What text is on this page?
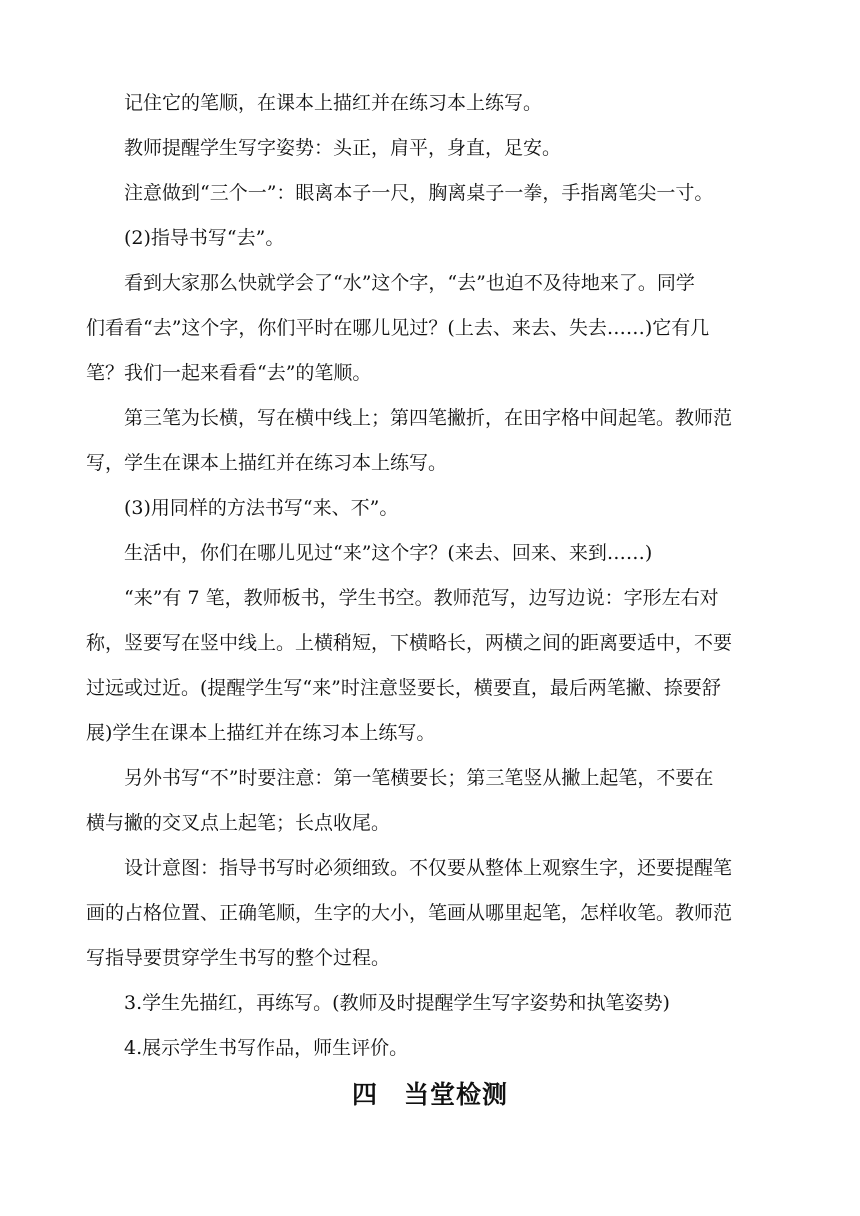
　　记住它的笔顺，在课本上描红并在练习本上练写。
　　教师提醒学生写字姿势：头正，肩平，身直，足安。
　　注意做到“三个一”：眼离本子一尺，胸离桌子一拳，手指离笔尖一寸。
　　(2)指导书写“去”。
　　看到大家那么快就学会了“水”这个字，“去”也迫不及待地来了。同学
们看看“去”这个字，你们平时在哪儿见过？(上去、来去、失去……)它有几
笔？我们一起来看看“去”的笔顺。
　　第三笔为长横，写在横中线上；第四笔撇折，在田字格中间起笔。教师范
写，学生在课本上描红并在练习本上练写。
　　(3)用同样的方法书写“来、不”。
　　生活中，你们在哪儿见过“来”这个字？(来去、回来、来到……)
　　“来”有 7 笔，教师板书，学生书空。教师范写，边写边说：字形左右对
称，竖要写在竖中线上。上横稍短，下横略长，两横之间的距离要适中，不要
过远或过近。(提醒学生写“来”时注意竖要长，横要直，最后两笔撇、捺要舒
展)学生在课本上描红并在练习本上练写。
　　另外书写“不”时要注意：第一笔横要长；第三笔竖从撇上起笔，不要在
横与撇的交叉点上起笔；长点收尾。
　　设计意图：指导书写时必须细致。不仅要从整体上观察生字，还要提醒笔
画的占格位置、正确笔顺，生字的大小，笔画从哪里起笔，怎样收笔。教师范
写指导要贯穿学生书写的整个过程。
　　3.学生先描红，再练写。(教师及时提醒学生写字姿势和执笔姿势)
　　4.展示学生书写作品，师生评价。
四　当堂检测
